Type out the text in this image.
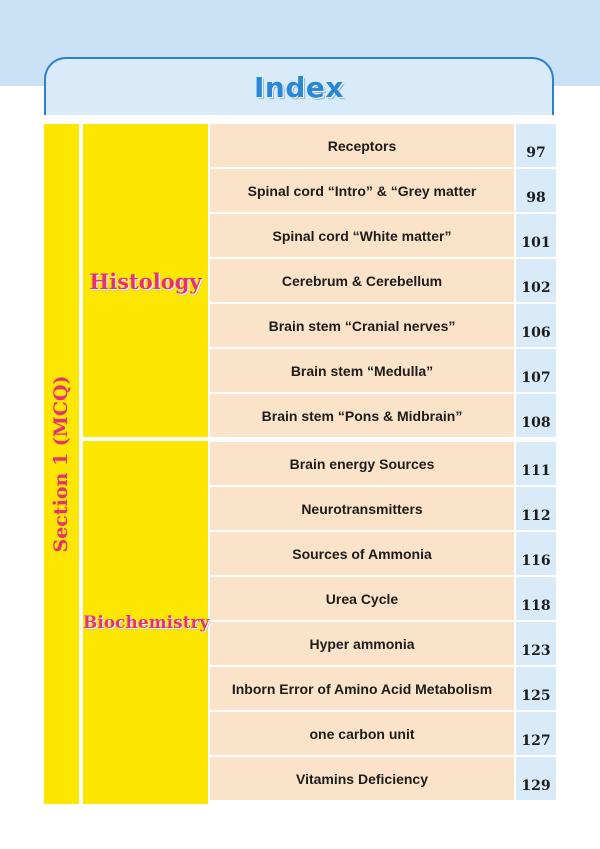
Index
Section 1 (MCQ)
Histology
Biochemistry
Receptors	97
Spinal cord “Intro” & “Grey matter	98
Spinal cord “White matter”	101
Cerebrum & Cerebellum	102
Brain stem “Cranial nerves”	106
Brain stem “Medulla”	107
Brain stem “Pons & Midbrain”	108
Brain energy Sources	111
Neurotransmitters	112
Sources of Ammonia	116
Urea Cycle	118
Hyper ammonia	123
Inborn Error of Amino Acid Metabolism	125
one carbon unit	127
Vitamins Deficiency	129
